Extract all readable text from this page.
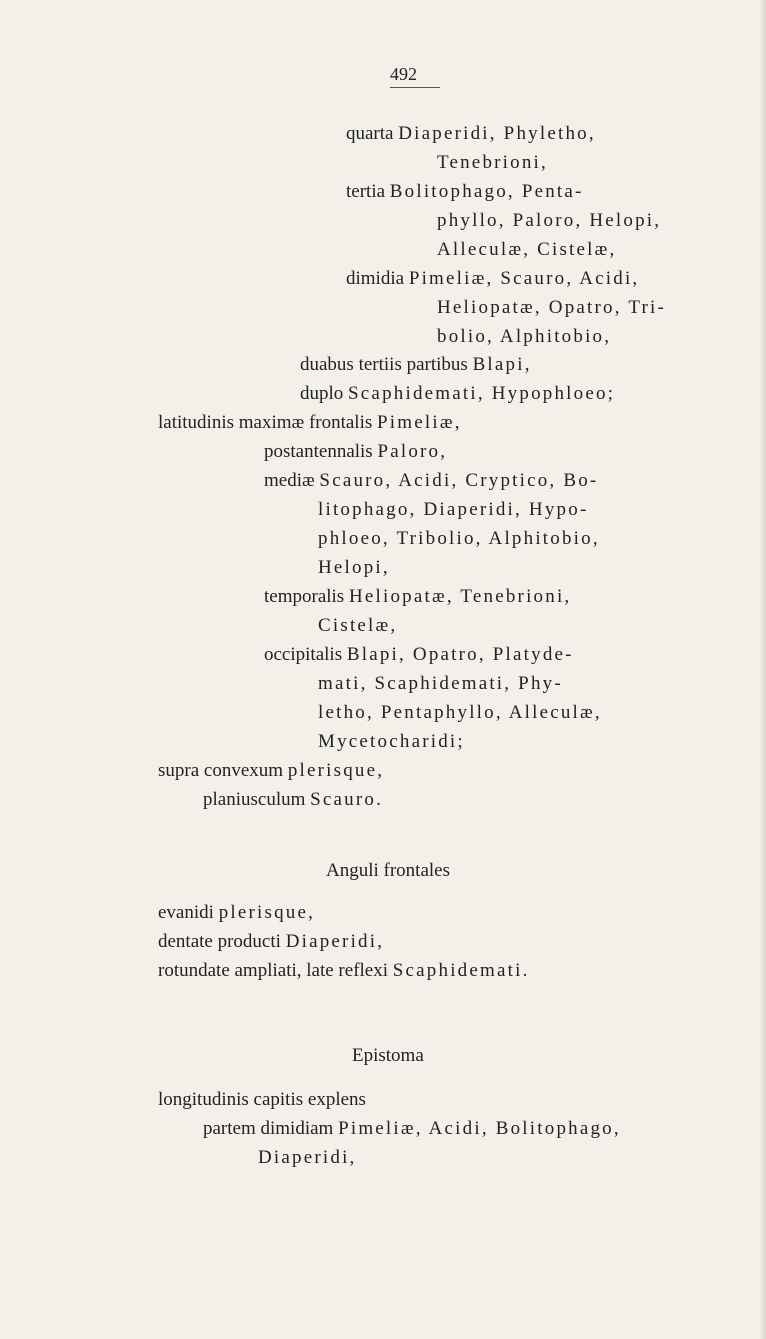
492
quarta Diaperidi, Phyletho,
Tenebrioni,
tertia Bolitophago, Penta-
phyllo, Paloro, Helopi,
Alleculæ, Cistelæ,
dimidia Pimeliæ, Scauro, Acidi,
Heliopatæ, Opatro, Tri-
bolio, Alphitobio,
duabus tertiis partibus Blapi,
duplo Scaphidemati, Hypophloeo;
latitudinis maximæ frontalis Pimeliæ,
postantennalis Paloro,
mediæ Scauro, Acidi, Cryptico, Bo-
litophago, Diaperidi, Hypo-
phloeo, Tribolio, Alphitobio,
Helopi,
temporalis Heliopatæ, Tenebrioni,
Cistelæ,
occipitalis Blapi, Opatro, Platyde-
mati, Scaphidemati, Phy-
letho, Pentaphyllo, Alleculæ,
Mycetocharidi;
supra convexum plerisque,
planiusculum Scauro.
Anguli frontales
evanidi plerisque,
dentate producti Diaperidi,
rotundate ampliati, late reflexi Scaphidemati.
Epistoma
longitudinis capitis explens
partem dimidiam Pimeliæ, Acidi, Bolitophago,
Diaperidi,
